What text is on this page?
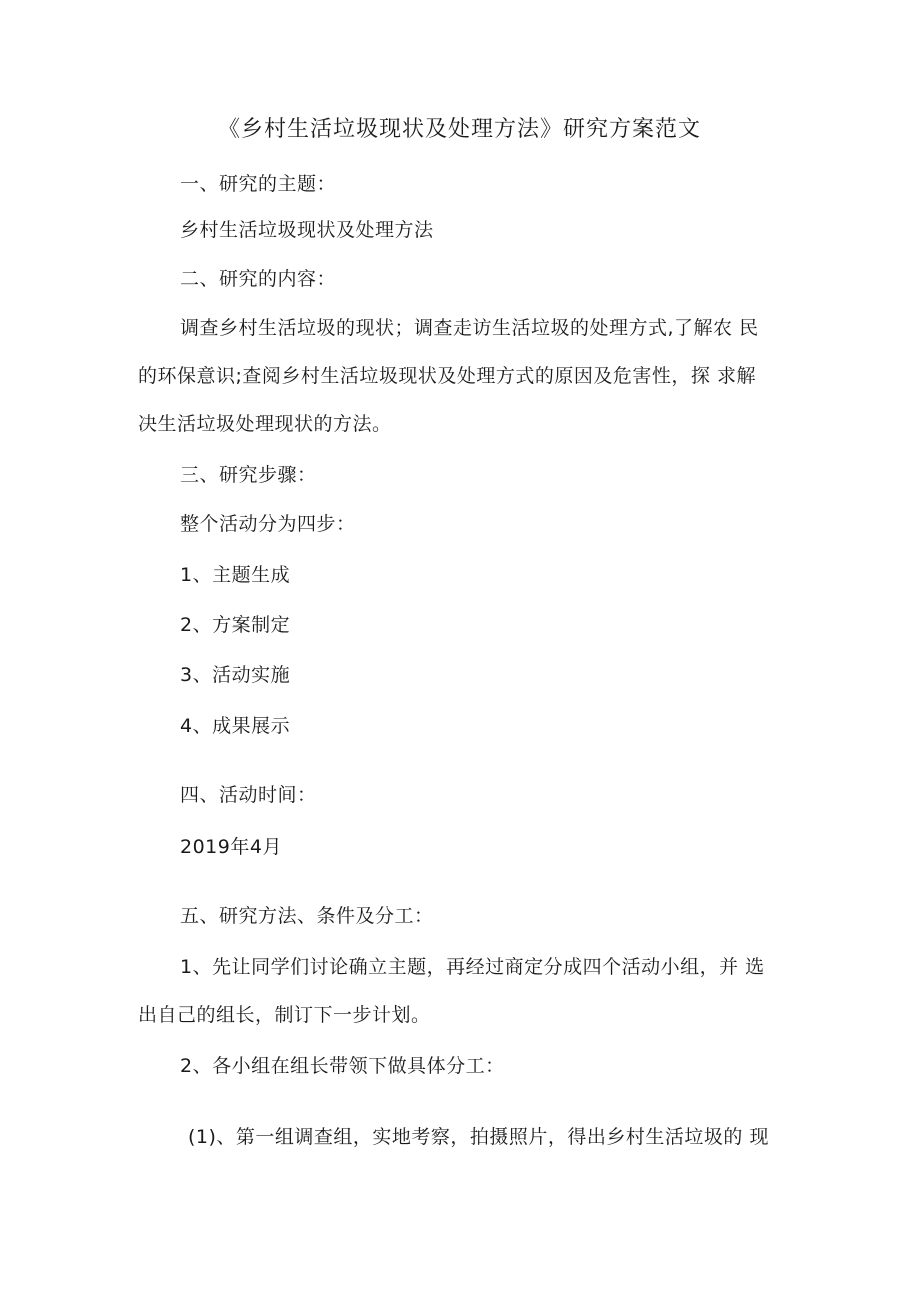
《乡村生活垃圾现状及处理方法》研究方案范文
一、研究的主题：
乡村生活垃圾现状及处理方法
二、研究的内容：
调查乡村生活垃圾的现状；调查走访生活垃圾的处理方式,了解农 民
的环保意识;查阅乡村生活垃圾现状及处理方式的原因及危害性，探 求解
决生活垃圾处理现状的方法。
三、研究步骤：
整个活动分为四步：
1、主题生成
2、方案制定
3、活动实施
4、成果展示
四、活动时间：
2019年4月
五、研究方法、条件及分工：
1、先让同学们讨论确立主题，再经过商定分成四个活动小组，并 选
出自己的组长，制订下一步计划。
2、各小组在组长带领下做具体分工：
(1)、第一组调查组，实地考察，拍摄照片，得出乡村生活垃圾的 现
